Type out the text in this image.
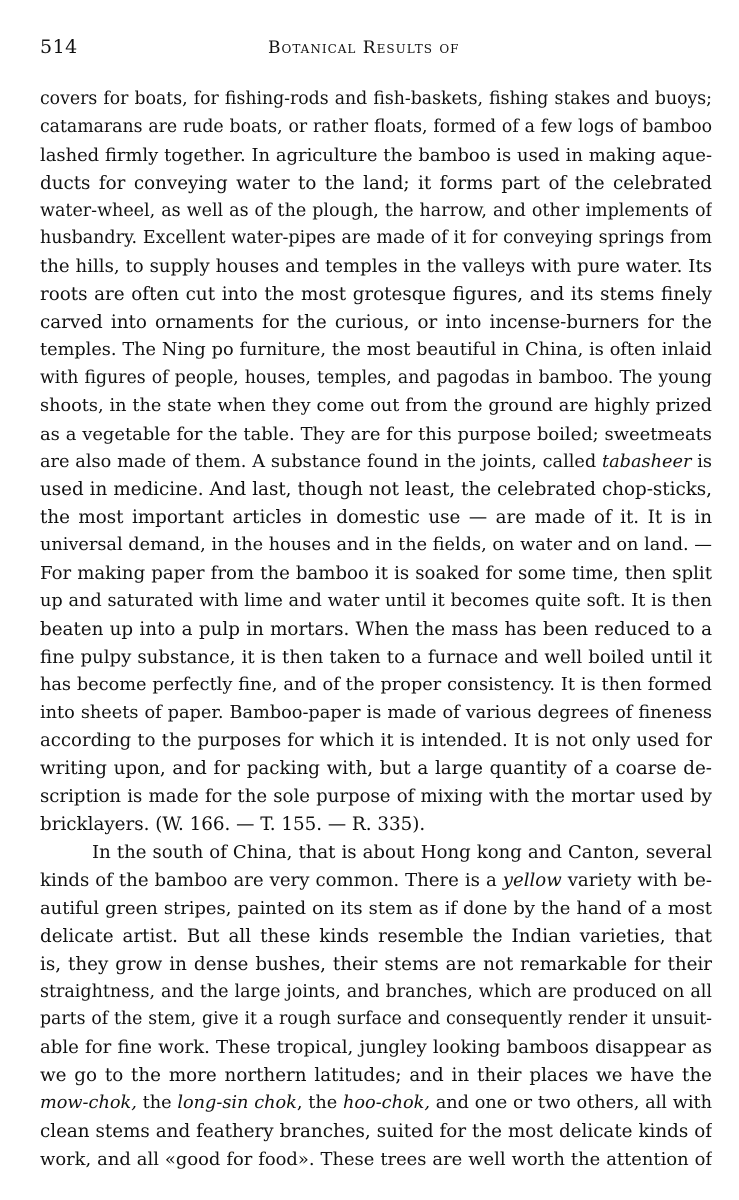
514	Botanical Results of
covers for boats, for fishing-rods and fish-baskets, fishing stakes and buoys;
catamarans are rude boats, or rather floats, formed of a few logs of bamboo
lashed firmly together. In agriculture the bamboo is used in making aque-
ducts for conveying water to the land; it forms part of the celebrated
water-wheel, as well as of the plough, the harrow, and other implements of
husbandry. Excellent water-pipes are made of it for conveying springs from
the hills, to supply houses and temples in the valleys with pure water. Its
roots are often cut into the most grotesque figures, and its stems finely
carved into ornaments for the curious, or into incense-burners for the
temples. The Ning po furniture, the most beautiful in China, is often inlaid
with figures of people, houses, temples, and pagodas in bamboo. The young
shoots, in the state when they come out from the ground are highly prized
as a vegetable for the table. They are for this purpose boiled; sweetmeats
are also made of them. A substance found in the joints, called tabasheer is
used in medicine. And last, though not least, the celebrated chop-sticks,
the most important articles in domestic use — are made of it. It is in
universal demand, in the houses and in the fields, on water and on land. —
For making paper from the bamboo it is soaked for some time, then split
up and saturated with lime and water until it becomes quite soft. It is then
beaten up into a pulp in mortars. When the mass has been reduced to a
fine pulpy substance, it is then taken to a furnace and well boiled until it
has become perfectly fine, and of the proper consistency. It is then formed
into sheets of paper. Bamboo-paper is made of various degrees of fineness
according to the purposes for which it is intended. It is not only used for
writing upon, and for packing with, but a large quantity of a coarse de-
scription is made for the sole purpose of mixing with the mortar used by
bricklayers. (W. 166. — T. 155. — R. 335).
In the south of China, that is about Hong kong and Canton, several
kinds of the bamboo are very common. There is a yellow variety with be-
autiful green stripes, painted on its stem as if done by the hand of a most
delicate artist. But all these kinds resemble the Indian varieties, that
is, they grow in dense bushes, their stems are not remarkable for their
straightness, and the large joints, and branches, which are produced on all
parts of the stem, give it a rough surface and consequently render it unsuit-
able for fine work. These tropical, jungley looking bamboos disappear as
we go to the more northern latitudes; and in their places we have the
mow-chok, the long-sin chok, the hoo-chok, and one or two others, all with
clean stems and feathery branches, suited for the most delicate kinds of
work, and all «good for food». These trees are well worth the attention of
